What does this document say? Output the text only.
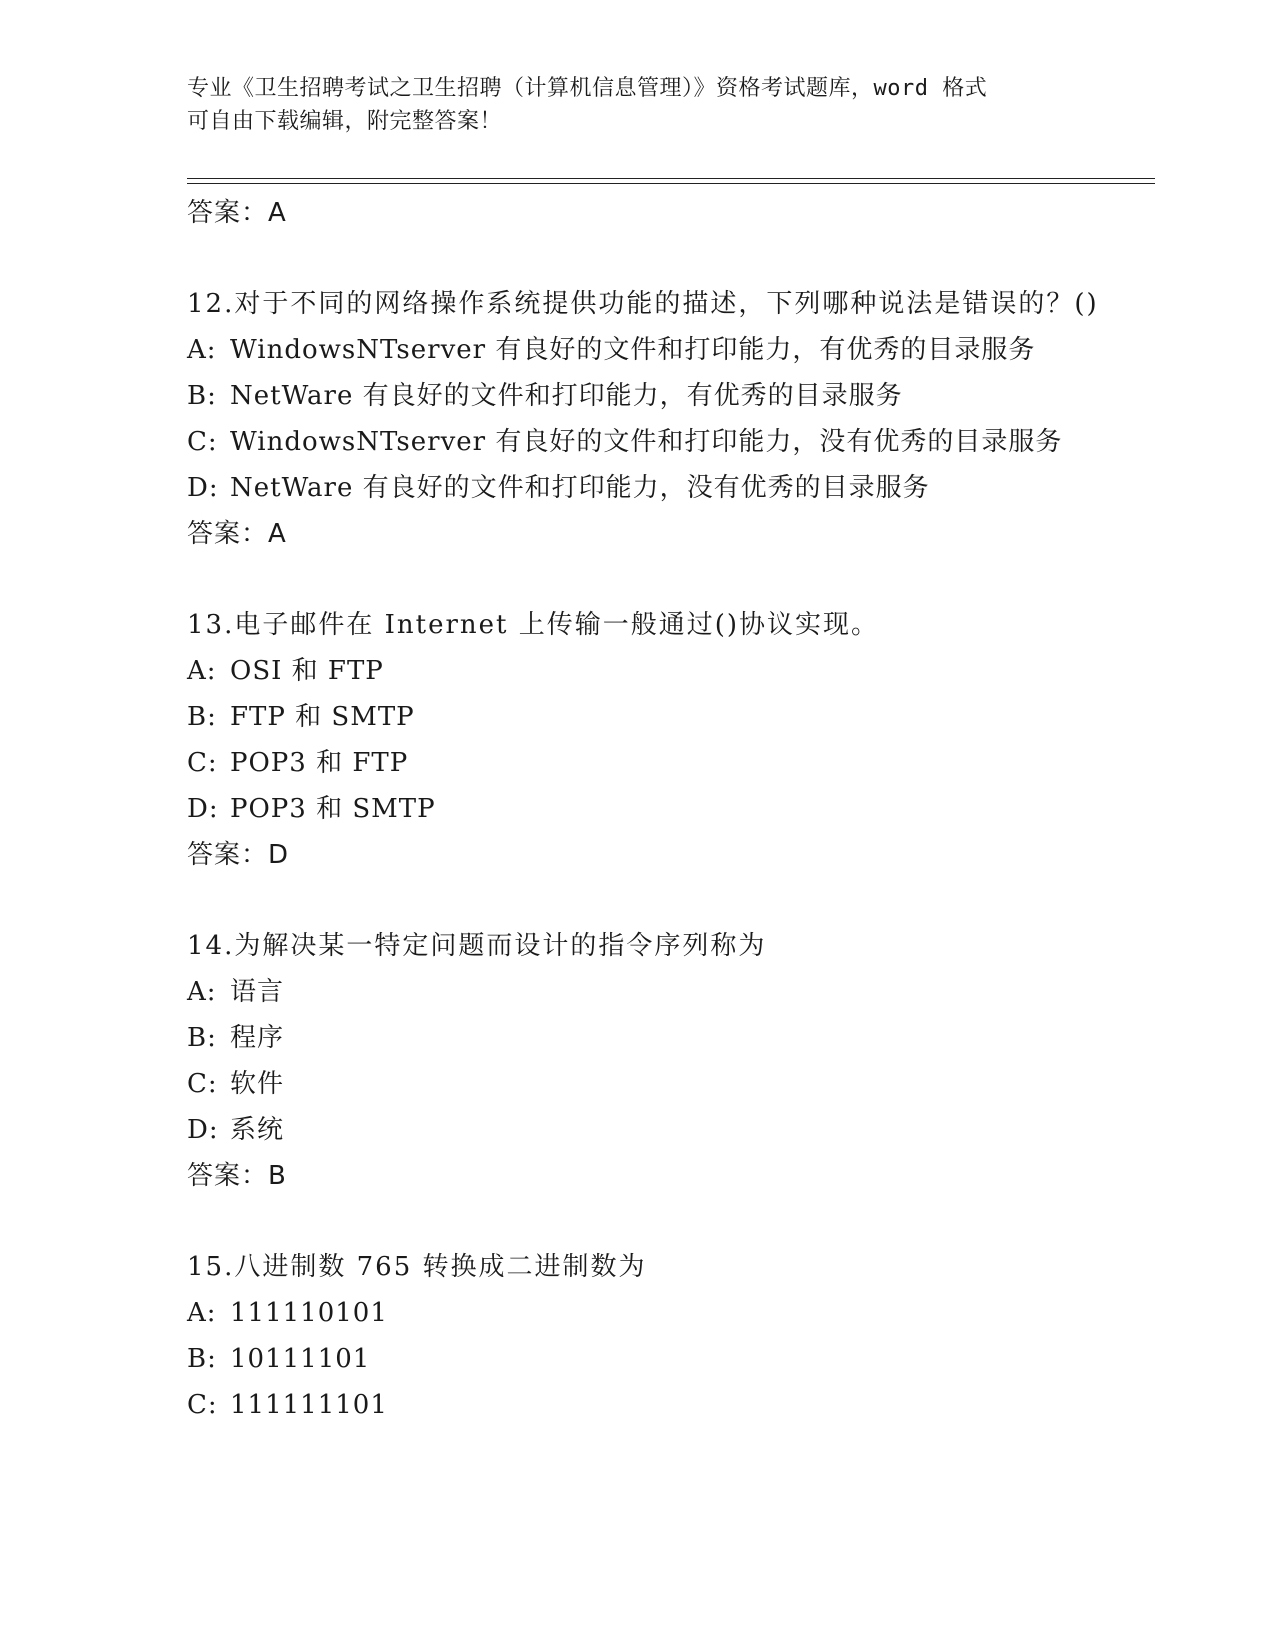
专业《卫生招聘考试之卫生招聘（计算机信息管理）》资格考试题库，word 格式
可自由下载编辑，附完整答案！
答案：A

12.对于不同的网络操作系统提供功能的描述，下列哪种说法是错误的？()

A: WindowsNTserver 有良好的文件和打印能力，有优秀的目录服务
B: NetWare 有良好的文件和打印能力，有优秀的目录服务
C: WindowsNTserver 有良好的文件和打印能力，没有优秀的目录服务
D: NetWare 有良好的文件和打印能力，没有优秀的目录服务
答案：A

13.电子邮件在 Internet 上传输一般通过()协议实现。

A: OSI 和 FTP
B: FTP 和 SMTP
C: POP3 和 FTP
D: POP3 和 SMTP
答案：D

14.为解决某一特定问题而设计的指令序列称为

A: 语言
B: 程序
C: 软件
D: 系统
答案：B

15.八进制数 765 转换成二进制数为

A: 111110101
B: 10111101
C: 111111101
